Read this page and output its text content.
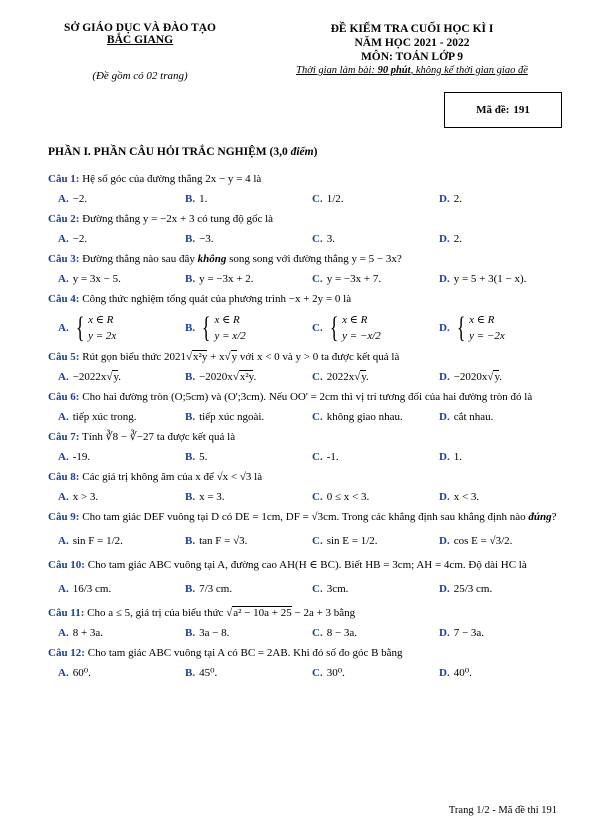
SỞ GIÁO DỤC VÀ ĐÀO TẠO
BẮC GIANG
(Đề gồm có 02 trang)
ĐỀ KIỂM TRA CUỐI HỌC KÌ I
NĂM HỌC 2021 - 2022
MÔN: TOÁN LỚP 9
Thời gian làm bài: 90 phút, không kể thời gian giao đề
Mã đề: 191
PHẦN I. PHẦN CÂU HỎI TRẮC NGHIỆM (3,0 điểm)
Câu 1: Hệ số góc của đường thẳng 2x − y = 4 là
A. −2.	B. 1.	C. 1/2.	D. 2.
Câu 2: Đường thẳng y = −2x + 3 có tung độ gốc là
A. −2.	B. −3.	C. 3.	D. 2.
Câu 3: Đường thẳng nào sau đây không song song với đường thẳng y = 5 − 3x?
A. y = 3x − 5.	B. y = −3x + 2.	C. y = −3x + 7.	D. y = 5 + 3(1 − x).
Câu 4: Công thức nghiệm tổng quát của phương trình −x + 2y = 0 là
A. { x ∈ R
y = 2x
B. { x ∈ R
y = x/2
C. { x ∈ R
y = −x/2
D. { x ∈ R
y = −2x
Câu 5: Rút gọn biểu thức 2021√x²y + x√y với x < 0 và y > 0 ta được kết quả là
A. −2022x√y.	B. −2020x√x²y.	C. 2022x√y.	D. −2020x√y.
Câu 6: Cho hai đường tròn (O;5cm) và (O';3cm). Nếu OO' = 2cm thì vị trí tương đối của hai đường tròn đó là
A. tiếp xúc trong.	B. tiếp xúc ngoài.	C. không giao nhau.	D. cắt nhau.
Câu 7: Tính ∛8 − ∛−27 ta được kết quả là
A. -19.	B. 5.	C. -1.	D. 1.
Câu 8: Các giá trị không âm của x để √x < √3 là
A. x > 3.	B. x = 3.	C. 0 ≤ x < 3.	D. x < 3.
Câu 9: Cho tam giác DEF vuông tại D có DE = 1cm, DF = √3cm. Trong các khẳng định sau khẳng định nào đúng?
A. sin F = 1/2.	B. tan F = √3.	C. sin E = 1/2.	D. cos E = √3/2.
Câu 10: Cho tam giác ABC vuông tại A, đường cao AH(H ∈ BC). Biết HB = 3cm; AH = 4cm. Độ dài HC là
A. 16/3 cm.	B. 7/3 cm.	C. 3cm.	D. 25/3 cm.
Câu 11: Cho a ≤ 5, giá trị của biểu thức √a² − 10a + 25 − 2a + 3 bằng
A. 8 + 3a.	B. 3a − 8.	C. 8 − 3a.	D. 7 − 3a.
Câu 12: Cho tam giác ABC vuông tại A có BC = 2AB. Khi đó số đo góc B bằng
A. 60⁰.	B. 45⁰.	C. 30⁰.	D. 40⁰.
Trang 1/2 - Mã đề thi 191
